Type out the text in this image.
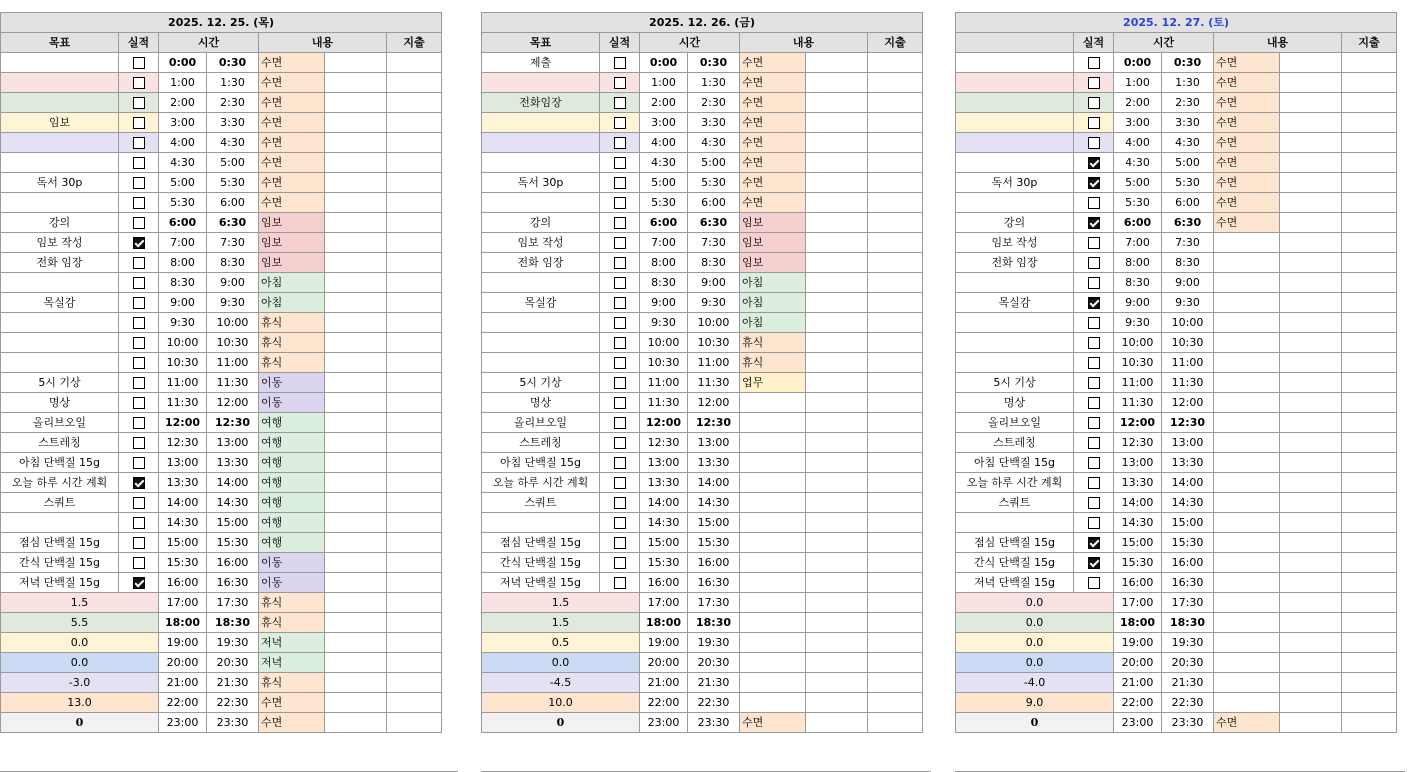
2025. 12. 25. (목)						
목표	실적	시간		내용		지출
		0:00	0:30	수면		
		1:00	1:30	수면		
		2:00	2:30	수면		
임보		3:00	3:30	수면		
		4:00	4:30	수면		
		4:30	5:00	수면		
독서 30p		5:00	5:30	수면		
		5:30	6:00	수면		
강의		6:00	6:30	임보		
임보 작성		7:00	7:30	임보		
전화 임장		8:00	8:30	임보		
		8:30	9:00	아침		
목실감		9:00	9:30	아침		
		9:30	10:00	휴식		
		10:00	10:30	휴식		
		10:30	11:00	휴식		
5시 기상		11:00	11:30	이동		
명상		11:30	12:00	이동		
올리브오일		12:00	12:30	여행		
스트레칭		12:30	13:00	여행		
아침 단백질 15g		13:00	13:30	여행		
오늘 하루 시간 계획		13:30	14:00	여행		
스쿼트		14:00	14:30	여행		
		14:30	15:00	여행		
점심 단백질 15g		15:00	15:30	여행		
간식 단백질 15g		15:30	16:00	이동		
저녁 단백질 15g		16:00	16:30	이동		
1.5		17:00	17:30	휴식		
5.5		18:00	18:30	휴식		
0.0		19:00	19:30	저녁		
0.0		20:00	20:30	저녁		
-3.0		21:00	21:30	휴식		
13.0		22:00	22:30	수면		
0		23:00	23:30	수면		
2025. 12. 26. (금)						
목표	실적	시간		내용		지출
제출		0:00	0:30	수면		
		1:00	1:30	수면		
전화임장		2:00	2:30	수면		
		3:00	3:30	수면		
		4:00	4:30	수면		
		4:30	5:00	수면		
독서 30p		5:00	5:30	수면		
		5:30	6:00	수면		
강의		6:00	6:30	임보		
임보 작성		7:00	7:30	임보		
전화 임장		8:00	8:30	임보		
		8:30	9:00	아침		
목실감		9:00	9:30	아침		
		9:30	10:00	아침		
		10:00	10:30	휴식		
		10:30	11:00	휴식		
5시 기상		11:00	11:30	업무		
명상		11:30	12:00			
올리브오일		12:00	12:30			
스트레칭		12:30	13:00			
아침 단백질 15g		13:00	13:30			
오늘 하루 시간 계획		13:30	14:00			
스쿼트		14:00	14:30			
		14:30	15:00			
점심 단백질 15g		15:00	15:30			
간식 단백질 15g		15:30	16:00			
저녁 단백질 15g		16:00	16:30			
1.5		17:00	17:30			
1.5		18:00	18:30			
0.5		19:00	19:30			
0.0		20:00	20:30			
-4.5		21:00	21:30			
10.0		22:00	22:30			
0		23:00	23:30	수면		
2025. 12. 27. (토)						
	실적	시간		내용		지출
		0:00	0:30	수면		
		1:00	1:30	수면		
		2:00	2:30	수면		
		3:00	3:30	수면		
		4:00	4:30	수면		
		4:30	5:00	수면		
독서 30p		5:00	5:30	수면		
		5:30	6:00	수면		
강의		6:00	6:30	수면		
임보 작성		7:00	7:30			
전화 임장		8:00	8:30			
		8:30	9:00			
목실감		9:00	9:30			
		9:30	10:00			
		10:00	10:30			
		10:30	11:00			
5시 기상		11:00	11:30			
명상		11:30	12:00			
올리브오일		12:00	12:30			
스트레칭		12:30	13:00			
아침 단백질 15g		13:00	13:30			
오늘 하루 시간 계획		13:30	14:00			
스쿼트		14:00	14:30			
		14:30	15:00			
점심 단백질 15g		15:00	15:30			
간식 단백질 15g		15:30	16:00			
저녁 단백질 15g		16:00	16:30			
0.0		17:00	17:30			
0.0		18:00	18:30			
0.0		19:00	19:30			
0.0		20:00	20:30			
-4.0		21:00	21:30			
9.0		22:00	22:30			
0		23:00	23:30	수면		
